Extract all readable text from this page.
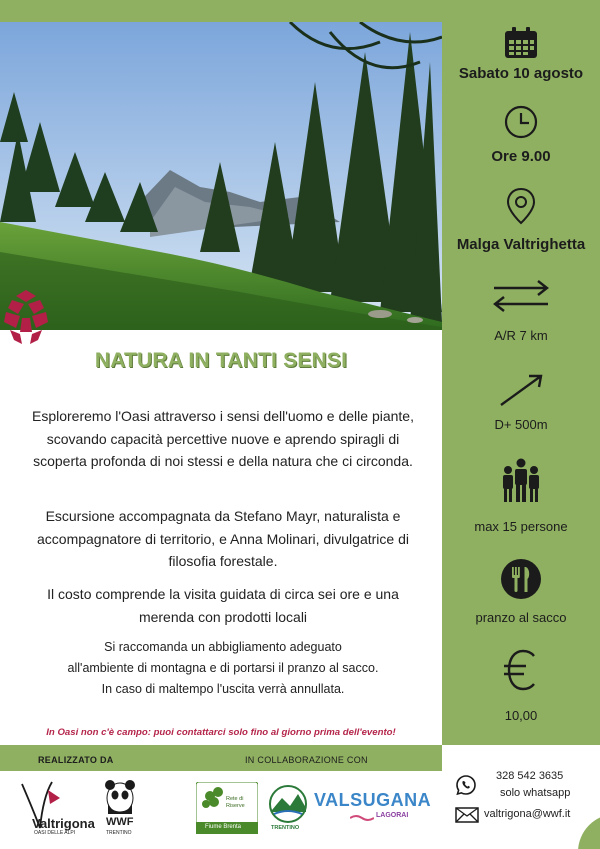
Sabato 10 agosto
Ore 9.00
Malga Valtrighetta
A/R 7 km
D+ 500m
max 15 persone
pranzo al sacco
10,00
NATURA IN TANTI SENSI
Esploreremo l'Oasi attraverso i sensi dell'uomo e delle piante, scovando capacità percettive nuove e aprendo spiragli di scoperta profonda di noi stessi e della natura che ci circonda.
Escursione accompagnata da Stefano Mayr, naturalista e accompagnatore di territorio, e Anna Molinari, divulgatrice di filosofia forestale.
Il costo comprende la visita guidata di circa sei ore e una merenda con prodotti locali
Si raccomanda un abbigliamento adeguato
all'ambiente di montagna e di portarsi il pranzo al sacco.
In caso di maltempo l'uscita verrà annullata.
In Oasi non c'è campo: puoi contattarci solo fino al giorno prima dell'evento!
REALIZZATO DA	IN COLLABORAZIONE CON
Valtrigona
OASI DELLE ALPI
WWF
TRENTINO
Rete di Riserve
Fiume Brenta	TRENTINO
VALSUGANA
LAGORAI
328 542 3635
solo whatsapp
valtrigona@wwf.it
